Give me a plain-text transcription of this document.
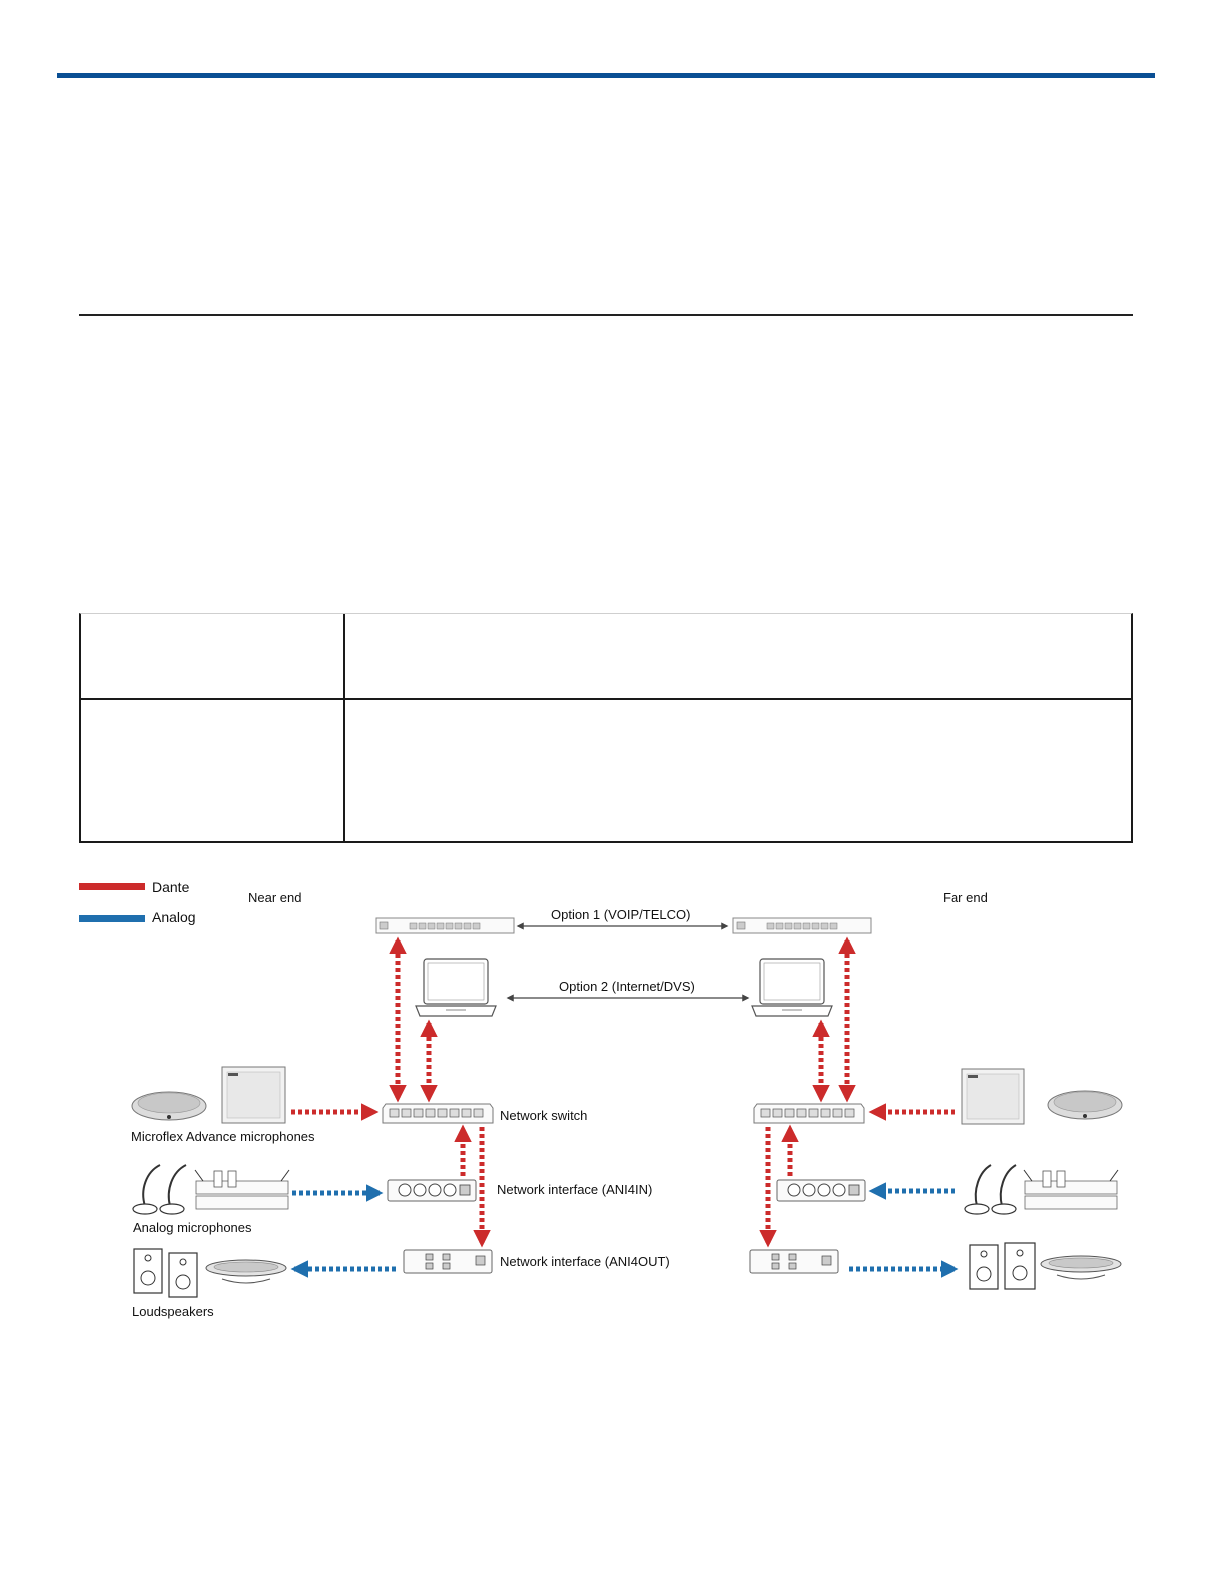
Dante
Analog
Near end	Far end
Option 1 (VOIP/TELCO)
Option 2 (Internet/DVS)
Network switch
Microflex Advance microphones
Network interface (ANI4IN)
Analog microphones
Network interface (ANI4OUT)
Loudspeakers
